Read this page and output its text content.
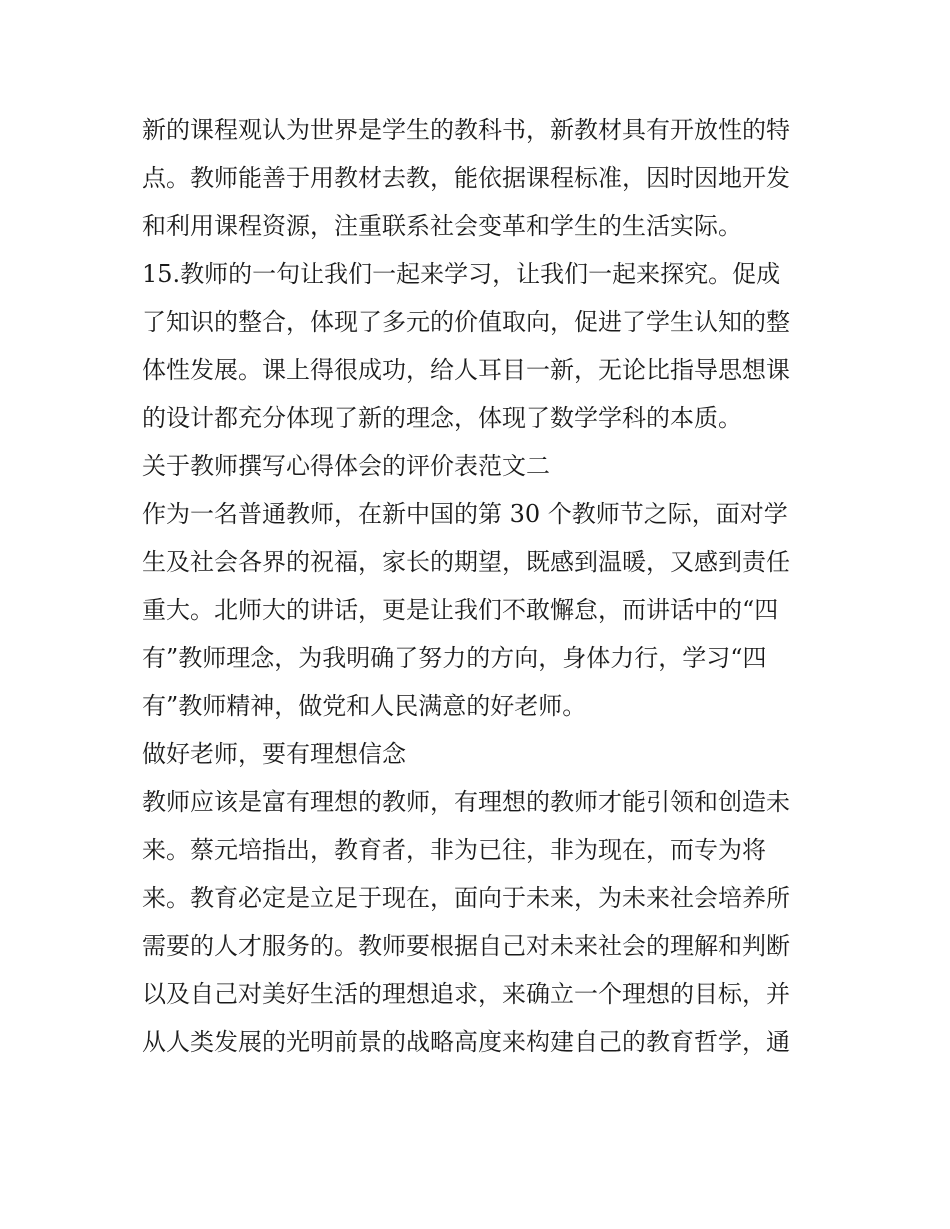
新的课程观认为世界是学生的教科书，新教材具有开放性的特
点。教师能善于用教材去教，能依据课程标准，因时因地开发
和利用课程资源，注重联系社会变革和学生的生活实际。
15.教师的一句让我们一起来学习，让我们一起来探究。促成
了知识的整合，体现了多元的价值取向，促进了学生认知的整
体性发展。课上得很成功，给人耳目一新，无论比指导思想课
的设计都充分体现了新的理念，体现了数学学科的本质。
关于教师撰写心得体会的评价表范文二
作为一名普通教师，在新中国的第 30 个教师节之际，面对学
生及社会各界的祝福，家长的期望，既感到温暖，又感到责任
重大。北师大的讲话，更是让我们不敢懈怠，而讲话中的“四
有”教师理念，为我明确了努力的方向，身体力行，学习“四
有”教师精神，做党和人民满意的好老师。
做好老师，要有理想信念
教师应该是富有理想的教师，有理想的教师才能引领和创造未
来。蔡元培指出，教育者，非为已往，非为现在，而专为将
来。教育必定是立足于现在，面向于未来，为未来社会培养所
需要的人才服务的。教师要根据自己对未来社会的理解和判断
以及自己对美好生活的理想追求，来确立一个理想的目标，并
从人类发展的光明前景的战略高度来构建自己的教育哲学，通
